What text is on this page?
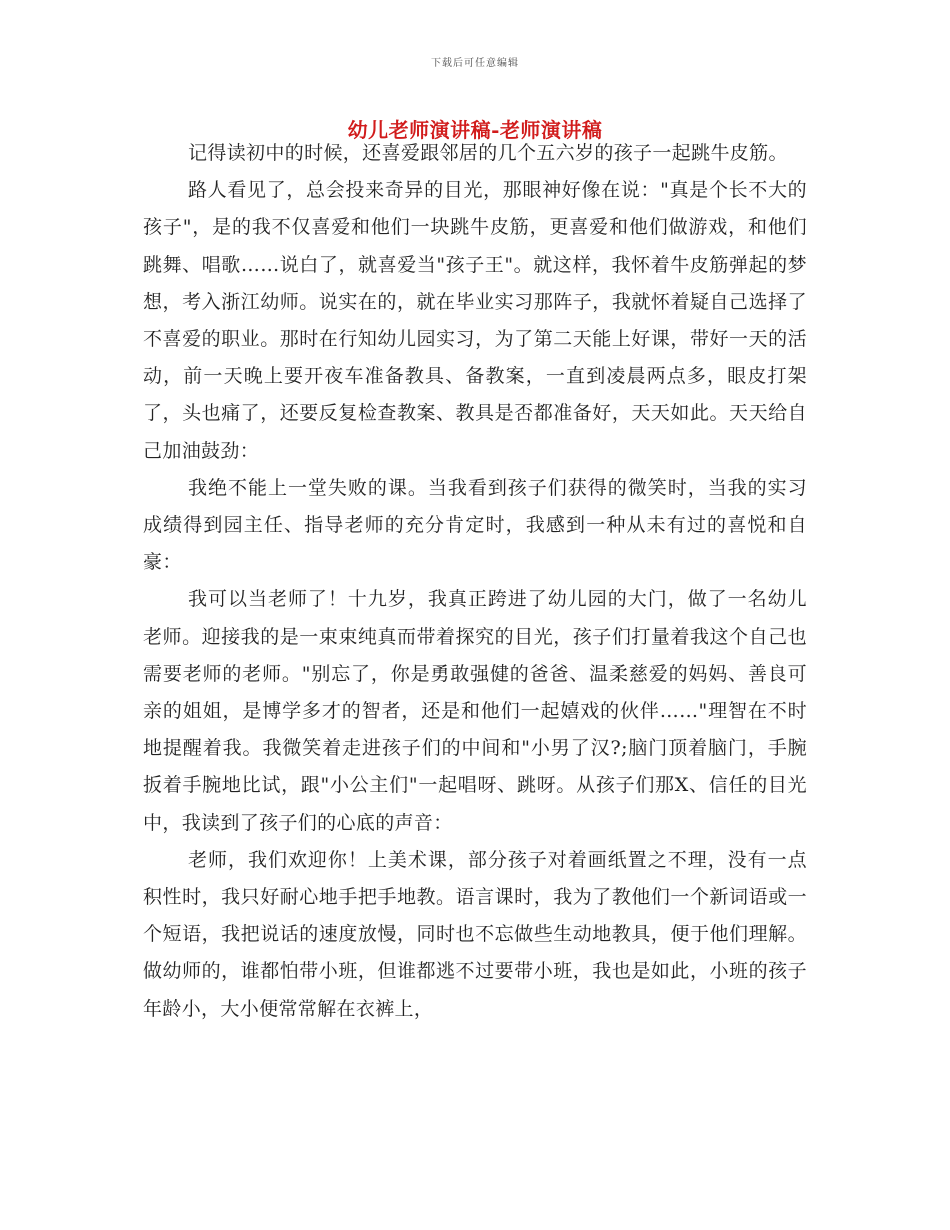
下载后可任意编辑
幼儿老师演讲稿-老师演讲稿

记得读初中的时候，还喜爱跟邻居的几个五六岁的孩子一起跳牛皮筋。

路人看见了，总会投来奇异的目光，那眼神好像在说："真是个长不大的孩子"，是的我不仅喜爱和他们一块跳牛皮筋，更喜爱和他们做游戏，和他们跳舞、唱歌……说白了，就喜爱当"孩子王"。就这样，我怀着牛皮筋弹起的梦想，考入浙江幼师。说实在的，就在毕业实习那阵子，我就怀着疑自己选择了不喜爱的职业。那时在行知幼儿园实习，为了第二天能上好课，带好一天的活动，前一天晚上要开夜车准备教具、备教案，一直到凌晨两点多，眼皮打架了，头也痛了，还要反复检查教案、教具是否都准备好，天天如此。天天给自己加油鼓劲：

我绝不能上一堂失败的课。当我看到孩子们获得的微笑时，当我的实习成绩得到园主任、指导老师的充分肯定时，我感到一种从未有过的喜悦和自豪：

我可以当老师了！十九岁，我真正跨进了幼儿园的大门，做了一名幼儿老师。迎接我的是一束束纯真而带着探究的目光，孩子们打量着我这个自己也需要老师的老师。"别忘了，你是勇敢强健的爸爸、温柔慈爱的妈妈、善良可亲的姐姐，是博学多才的智者，还是和他们一起嬉戏的伙伴……"理智在不时地提醒着我。我微笑着走进孩子们的中间和"小男了汉?;脑门顶着脑门，手腕扳着手腕地比试，跟"小公主们"一起唱呀、跳呀。从孩子们那X、信任的目光中，我读到了孩子们的心底的声音：

老师，我们欢迎你！上美术课，部分孩子对着画纸置之不理，没有一点积性时，我只好耐心地手把手地教。语言课时，我为了教他们一个新词语或一个短语，我把说话的速度放慢，同时也不忘做些生动地教具，便于他们理解。做幼师的，谁都怕带小班，但谁都逃不过要带小班，我也是如此，小班的孩子年龄小，大小便常常解在衣裤上，
